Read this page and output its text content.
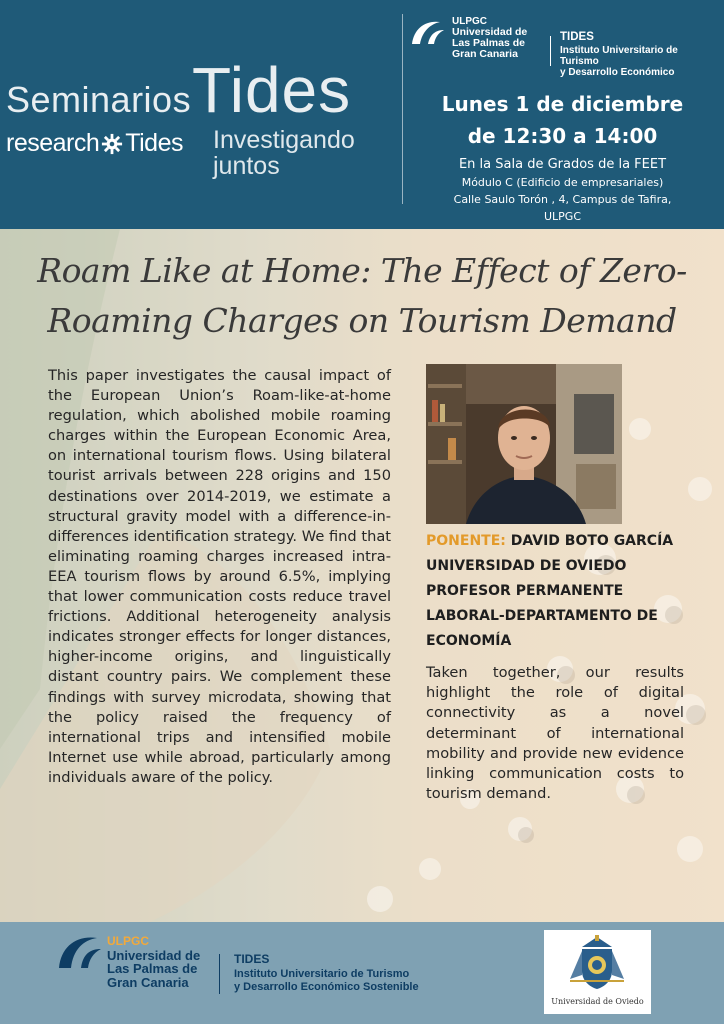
Seminarios Tides
research Tides Investigando juntos
ULPGC
Universidad de
Las Palmas de
Gran Canaria
TIDES
Instituto Universitario de Turismo
y Desarrollo Económico
Lunes 1 de diciembre
de 12:30 a 14:00
En la Sala de Grados de la FEET
Módulo C (Edificio de empresariales)
Calle Saulo Torón , 4, Campus de Tafira,
ULPGC
Roam Like at Home: The Effect of Zero-Roaming Charges on Tourism Demand

This paper investigates the causal impact of the European Union’s Roam-like-at-home regulation, which abolished mobile roaming charges within the European Economic Area, on international tourism flows. Using bilateral tourist arrivals between 228 origins and 150 destinations over 2014-2019, we estimate a structural gravity model with a difference-in-differences identification strategy. We find that eliminating roaming charges increased intra-EEA tourism flows by around 6.5%, implying that lower communication costs reduce travel frictions. Additional heterogeneity analysis indicates stronger effects for longer distances, higher-income origins, and linguistically distant country pairs. We complement these findings with survey microdata, showing that the policy raised the frequency of international trips and intensified mobile Internet use while abroad, particularly among individuals aware of the policy.

PONENTE: DAVID BOTO GARCÍA
UNIVERSIDAD DE OVIEDO
PROFESOR PERMANENTE LABORAL-DEPARTAMENTO DE ECONOMÍA

Taken together, our results highlight the role of digital connectivity as a novel determinant of international mobility and provide new evidence linking communication costs to tourism demand.

ULPGC
Universidad de
Las Palmas de
Gran Canaria
TIDES
Instituto Universitario de Turismo
y Desarrollo Económico Sostenible
Universidad de Oviedo
